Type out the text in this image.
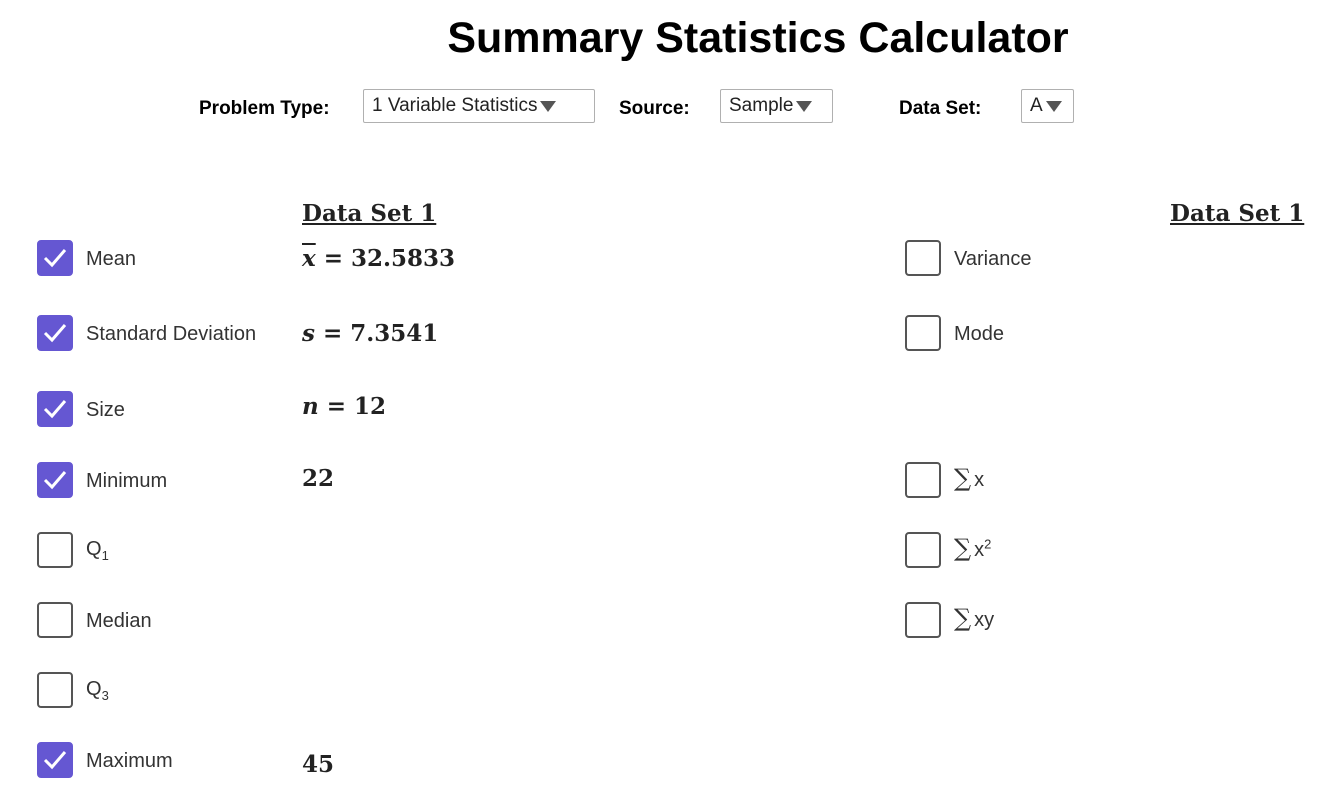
Summary Statistics Calculator
Problem Type: 1 Variable Statistics	Source: Sample	Data Set:	A
Data Set 1	Data Set 1
Mean	$\overline{x} = 32.5833$
Standard Deviation s = 7.3541
Size	n = 12
Minimum	22
$Q_1$
Median
$Q_3$
Maximum	45
Variance
Mode
∑ x
∑ $x^2$
∑ xy
